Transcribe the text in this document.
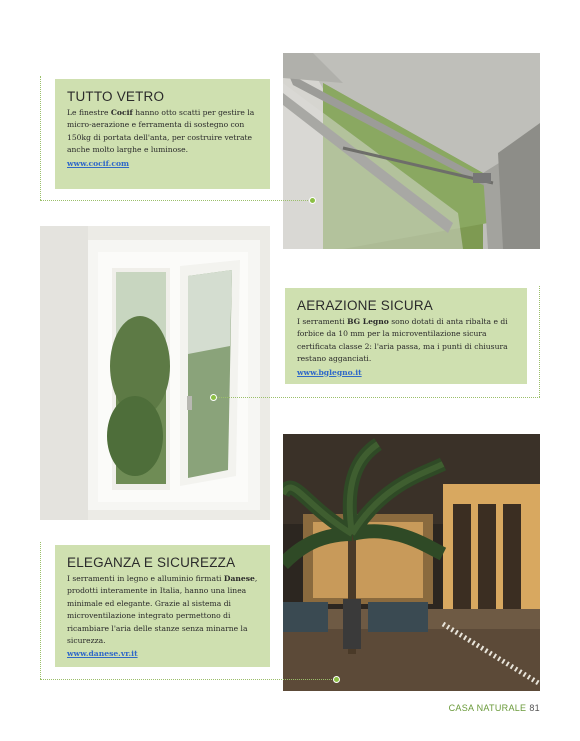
TUTTO VETRO

Le finestre Cocif hanno otto scatti per gestire la micro-aerazione e ferramenta di sostegno con 150kg di portata dell'anta, per costruire vetrate anche molto larghe e luminose.

www.cocif.com
AERAZIONE SICURA

I serramenti BG Legno sono dotati di anta ribalta e di forbice da 10 mm per la microventilazione sicura certificata classe 2: l'aria passa, ma i punti di chiusura restano agganciati.

www.bglegno.it
ELEGANZA E SICUREZZA

I serramenti in legno e alluminio firmati Danese, prodotti interamente in Italia, hanno una linea minimale ed elegante. Grazie al sistema di microventilazione integrato permettono di ricambiare l'aria delle stanze senza minarne la sicurezza.

www.danese.vr.it
CASA NATURALE 81
